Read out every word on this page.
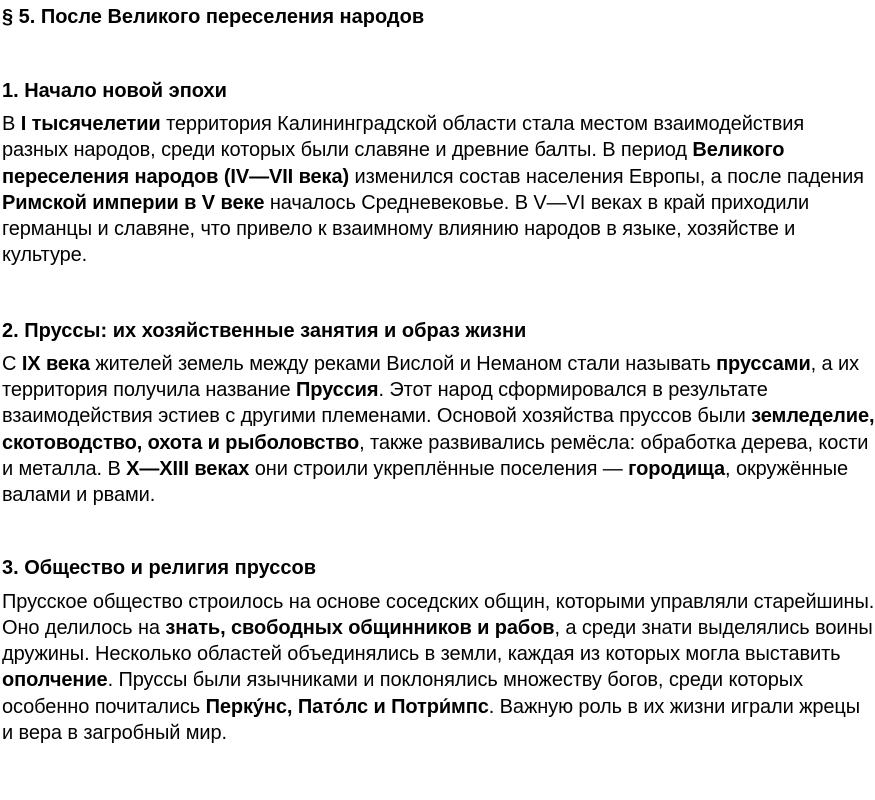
§ 5. После Великого переселения народов
1. Начало новой эпохи

В I тысячелетии территория Калининградской области стала местом взаимодействия разных народов, среди которых были славяне и древние балты. В период Великого переселения народов (IV—VII века) изменился состав населения Европы, а после падения Римской империи в V веке началось Средневековье. В V—VI веках в край приходили германцы и славяне, что привело к взаимному влиянию народов в языке, хозяйстве и культуре.

2. Пруссы: их хозяйственные занятия и образ жизни

С IX века жителей земель между реками Вислой и Неманом стали называть пруссами, а их территория получила название Пруссия. Этот народ сформировался в результате взаимодействия эстиев с другими племенами. Основой хозяйства пруссов были земледелие, скотоводство, охота и рыболовство, также развивались ремёсла: обработка дерева, кости и металла. В X—XIII веках они строили укреплённые поселения — городища, окружённые валами и рвами.

3. Общество и религия пруссов

Прусское общество строилось на основе соседских общин, которыми управляли старейшины. Оно делилось на знать, свободных общинников и рабов, а среди знати выделялись воины дружины. Несколько областей объединялись в земли, каждая из которых могла выставить ополчение. Пруссы были язычниками и поклонялись множеству богов, среди которых особенно почитались Перку́нс, Пато́лс и Потри́мпс. Важную роль в их жизни играли жрецы и вера в загробный мир.
